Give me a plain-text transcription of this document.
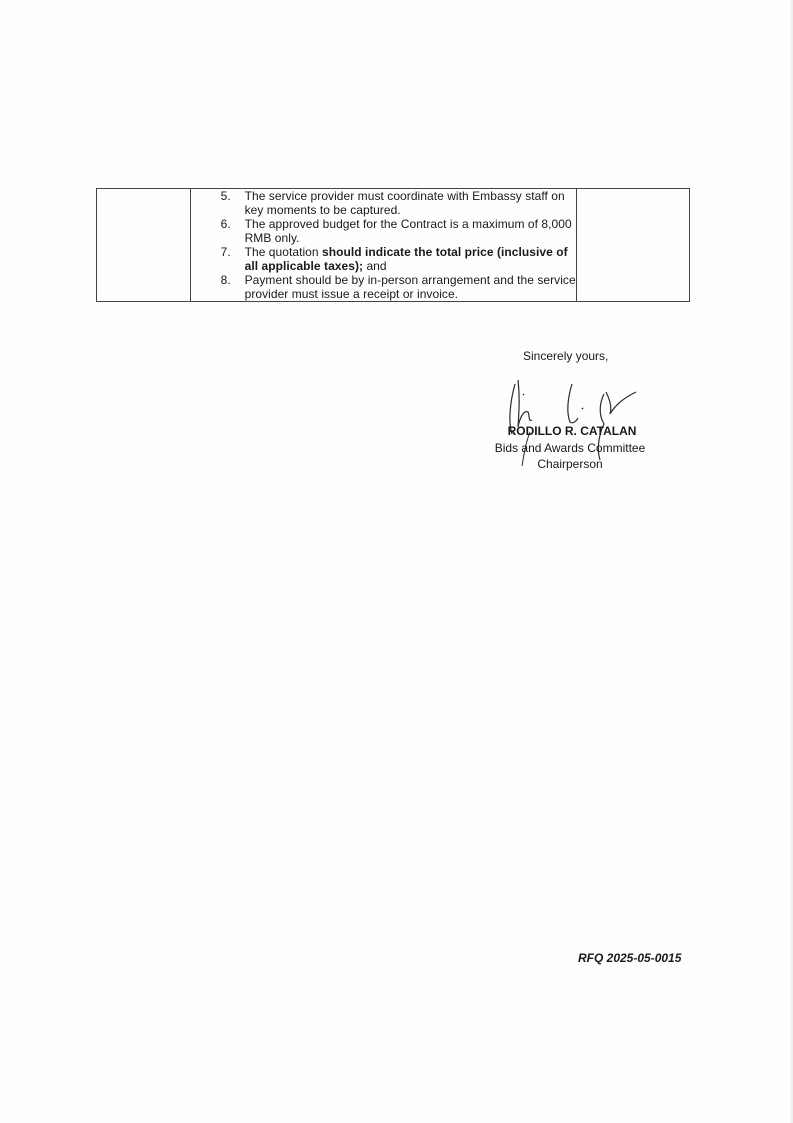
5.	The service provider must coordinate with Embassy staff on key moments to be captured.
6.	The approved budget for the Contract is a maximum of 8,000 RMB only.
7.	The quotation should indicate the total price (inclusive of all applicable taxes); and
8.	Payment should be by in-person arrangement and the service provider must issue a receipt or invoice.

Sincerely yours,
RODILLO R. CATALAN
Bids and Awards Committee
Chairperson
RFQ 2025-05-0015
